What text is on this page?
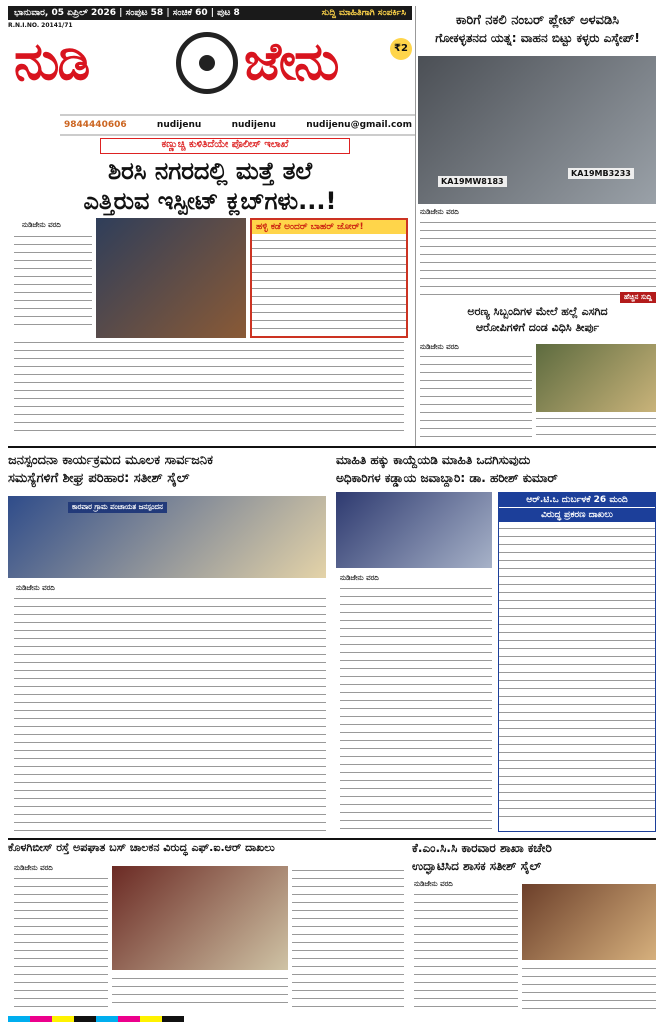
ಭಾನುವಾರ, 05 ಏಪ್ರಿಲ್ 2026 | ಸಂಪುಟ 58 | ಸಂಚಿಕೆ 60 | ಪುಟ 8	ಸುದ್ದಿ ಮಾಹಿತಿಗಾಗಿ ಸಂಪರ್ಕಿಸಿ
R.N.I.NO. 20141/71
ನುಡಿ	ಜೇನು	₹2
9844440606	nudijenu	nudijenu	nudijenu@gmail.com
ಕಣ್ಣುಚ್ಚಿ ಕುಳಿತಿದೆಯೇ ಪೊಲೀಸ್ ಇಲಾಖೆ
ಶಿರಸಿ ನಗರದಲ್ಲಿ ಮತ್ತೆ ತಲೆ
ಎತ್ತಿರುವ ಇಸ್ಪೀಟ್ ಕ್ಲಬ್‌ಗಳು...!
ನುಡಿಜೇನು ವರದಿ	ಹಳ್ಳಿ ಕಡೆ ಅಂದರ್ ಬಾಹರ್ ಜೋರ್!
ಕಾರಿಗೆ ನಕಲಿ ನಂಬರ್ ಪ್ಲೇಟ್ ಅಳವಡಿಸಿ
ಗೋಕಳ್ಳತನದ ಯತ್ನ: ವಾಹನ ಬಿಟ್ಟು ಕಳ್ಳರು ಎಸ್ಕೇಪ್!
KA19MW8183
KA19MB3233
ನುಡಿಜೇನು ವರದಿ
ಹೆಚ್ಚಿನ ಸುದ್ದಿ
ಅರಣ್ಯ ಸಿಬ್ಬಂದಿಗಳ ಮೇಲೆ ಹಲ್ಲೆ ಎಸಗಿದ
ಆರೋಪಿಗಳಿಗೆ ದಂಡ ವಿಧಿಸಿ ತೀರ್ಪು
ನುಡಿಜೇನು ವರದಿ
ಜನಸ್ಪಂದನಾ ಕಾರ್ಯಕ್ರಮದ ಮೂಲಕ ಸಾರ್ವಜನಿಕ
ಸಮಸ್ಯೆಗಳಿಗೆ ಶೀಘ್ರ ಪರಿಹಾರ: ಸತೀಶ್ ಸೈಲ್
ಕಾರವಾರ ಗ್ರಾಮ ಪಂಚಾಯತ ಜನಸ್ಪಂದನ
ನುಡಿಜೇನು ವರದಿ
ಮಾಹಿತಿ ಹಕ್ಕು ಕಾಯ್ದೆಯಡಿ ಮಾಹಿತಿ ಒದಗಿಸುವುದು
ಅಧಿಕಾರಿಗಳ ಕಡ್ಡಾಯ ಜವಾಬ್ದಾರಿ: ಡಾ. ಹರೀಶ್ ಕುಮಾರ್
ನುಡಿಜೇನು ವರದಿ
ಆರ್.ಟಿ.ಒ ದುರ್ಬಳಕೆ 26 ಮಂದಿ
ವಿರುದ್ಧ ಪ್ರಕರಣ ದಾಖಲು
ಕೊಳಗಿಬೀಸ್ ರಸ್ತೆ ಅಪಘಾತ ಬಸ್ ಚಾಲಕನ ವಿರುದ್ಧ ಎಫ್.ಐ.ಆರ್ ದಾಖಲು
ನುಡಿಜೇನು ವರದಿ
ಕೆ.ಎಂ.ಸಿ.ಸಿ ಕಾರವಾರ ಶಾಖಾ ಕಚೇರಿ
ಉದ್ಘಾಟಿಸಿದ ಶಾಸಕ ಸತೀಶ್ ಸೈಲ್
ನುಡಿಜೇನು ವರದಿ
